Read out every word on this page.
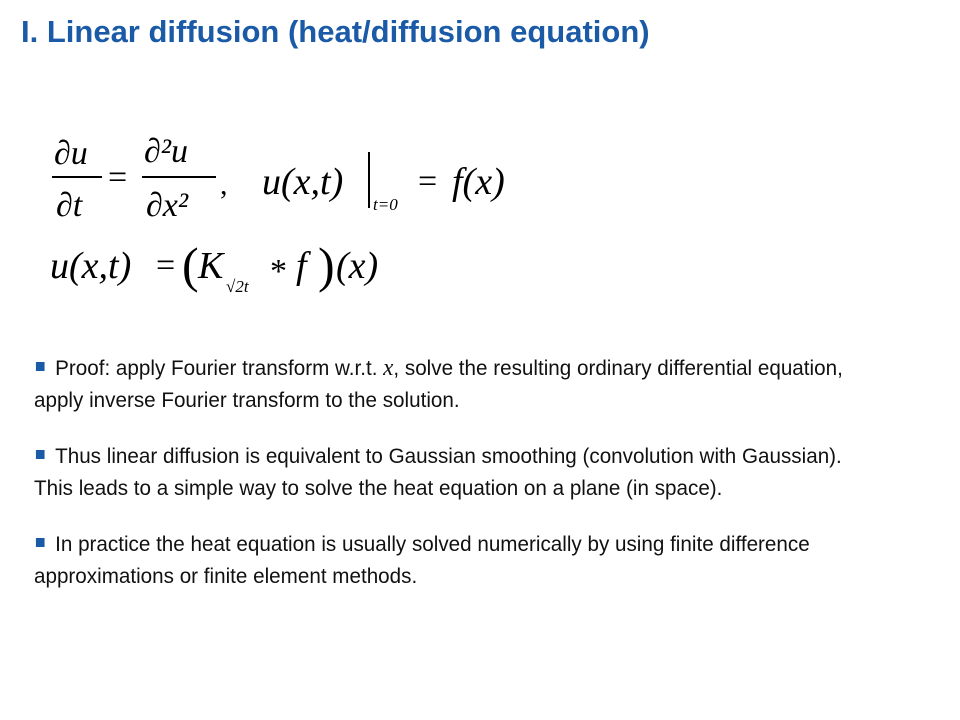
I. Linear diffusion (heat/diffusion equation)
∂u
∂t
=
∂²u
∂x²
, u(x,t)
t=0
= f(x)
u(x,t) = ( K √2t * f ) (x)

Proof: apply Fourier transform w.r.t. x, solve the resulting ordinary differential equation, apply inverse Fourier transform to the solution.

Thus linear diffusion is equivalent to Gaussian smoothing (convolution with Gaussian). This leads to a simple way to solve the heat equation on a plane (in space).

In practice the heat equation is usually solved numerically by using finite difference approximations or finite element methods.
